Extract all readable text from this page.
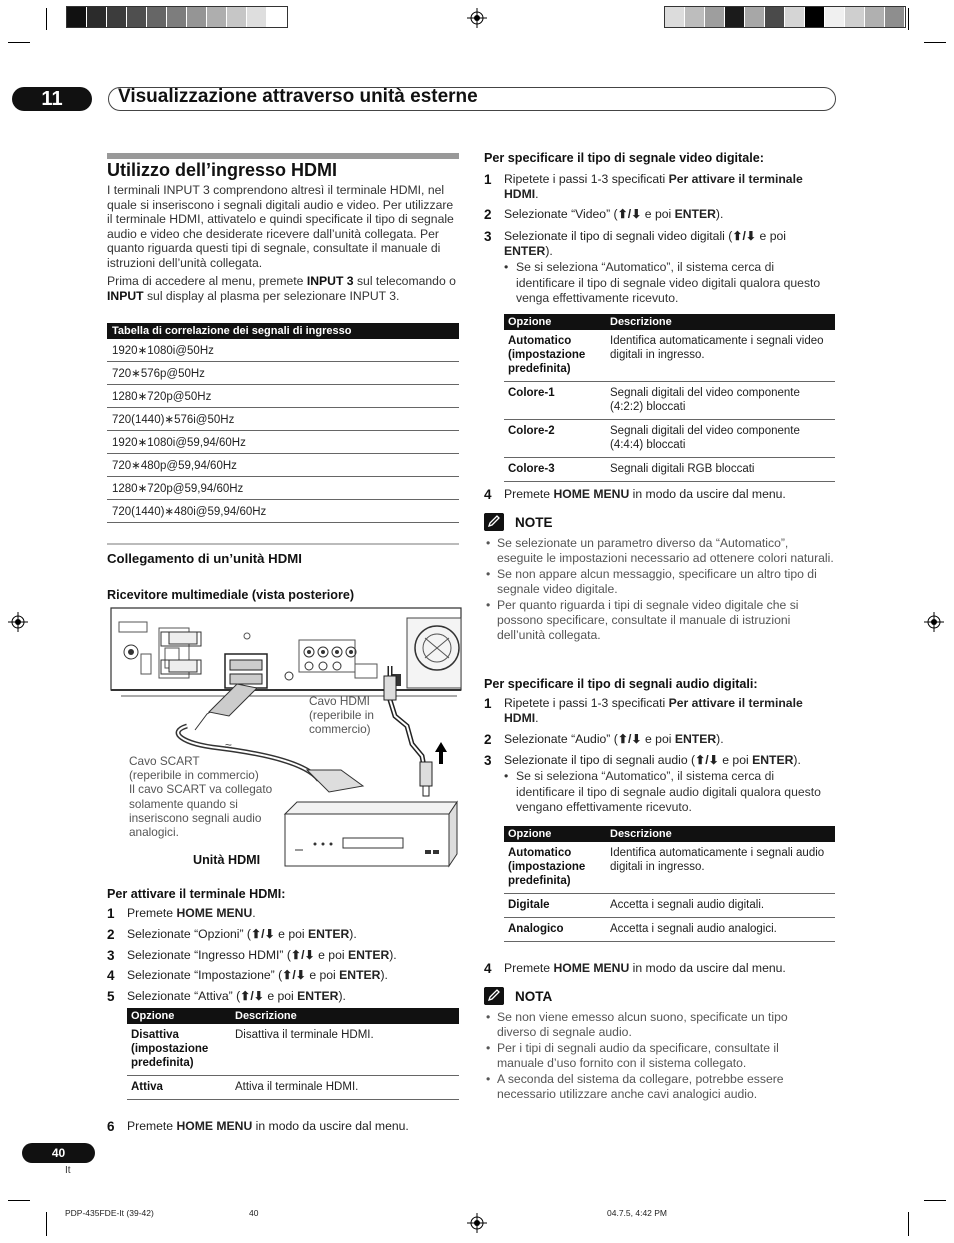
11	Visualizzazione attraverso unità esterne
Utilizzo dell’ingresso HDMI
I terminali INPUT 3 comprendono altresì il terminale HDMI, nel quale si inseriscono i segnali digitali audio e video. Per utilizzare il terminale HDMI, attivatelo e quindi specificate il tipo di segnale audio e video che desiderate ricevere dall’unità collegata. Per quanto riguarda questi tipi di segnale, consultate il manuale di istruzioni dell’unità collegata.
Prima di accedere al menu, premete INPUT 3 sul telecomando o INPUT sul display al plasma per selezionare INPUT 3.
Tabella di correlazione dei segnali di ingresso
1920∗1080i@50Hz
720∗576p@50Hz
1280∗720p@50Hz
720(1440)∗576i@50Hz
1920∗1080i@59,94/60Hz
720∗480p@59,94/60Hz
1280∗720p@59,94/60Hz
720(1440)∗480i@59,94/60Hz
Collegamento di un’unità HDMI
Ricevitore multimediale (vista posteriore)
≈
Cavo HDMI
(reperibile in
commercio)
Cavo SCART
(reperibile in commercio)
Il cavo SCART va collegato
solamente quando si
inseriscono segnali audio
analogici.
Unità HDMI
Per attivare il terminale HDMI:
1 Premete HOME MENU.
2 Selezionate “Opzioni” (⬆/⬇ e poi ENTER).
3 Selezionate “Ingresso HDMI” (⬆/⬇ e poi ENTER).
4 Selezionate “Impostazione” (⬆/⬇ e poi ENTER).
5 Selezionate “Attiva” (⬆/⬇ e poi ENTER).
Opzione	Descrizione
Disattiva (impostazione predefinita)	Disattiva il terminale HDMI.
Attiva	Attiva il terminale HDMI.
6 Premete HOME MENU in modo da uscire dal menu.
Per specificare il tipo di segnale video digitale:
1 Ripetete i passi 1-3 specificati Per attivare il terminale HDMI.
2 Selezionate “Video” (⬆/⬇ e poi ENTER).
3 Selezionate il tipo di segnali video digitali (⬆/⬇ e poi ENTER).
• Se si seleziona “Automatico”, il sistema cerca di identificare il tipo di segnale video digitali qualora questo venga effettivamente ricevuto.
Opzione	Descrizione
Automatico (impostazione predefinita)	Identifica automaticamente i segnali video digitali in ingresso.
Colore-1	Segnali digitali del video componente (4:2:2) bloccati
Colore-2	Segnali digitali del video componente (4:4:4) bloccati
Colore-3	Segnali digitali RGB bloccati
4 Premete HOME MENU in modo da uscire dal menu.
NOTE
• Se selezionate un parametro diverso da “Automatico”, eseguite le impostazioni necessario ad ottenere colori naturali.
• Se non appare alcun messaggio, specificare un altro tipo di segnale video digitale.
• Per quanto riguarda i tipi di segnale video digitale che si possono specificare, consultate il manuale di istruzioni dell’unità collegata.
Per specificare il tipo di segnali audio digitali:
1 Ripetete i passi 1-3 specificati Per attivare il terminale HDMI.
2 Selezionate “Audio” (⬆/⬇ e poi ENTER).
3 Selezionate il tipo di segnali audio (⬆/⬇ e poi ENTER).
• Se si seleziona “Automatico”, il sistema cerca di identificare il tipo di segnale audio digitali qualora questo vengano effettivamente ricevuto.
Opzione	Descrizione
Automatico (impostazione predefinita)	Identifica automaticamente i segnali audio digitali in ingresso.
Digitale	Accetta i segnali audio digitali.
Analogico	Accetta i segnali audio analogici.
4 Premete HOME MENU in modo da uscire dal menu.
NOTA
• Se non viene emesso alcun suono, specificate un tipo diverso di segnale audio.
• Per i tipi di segnali audio da specificare, consultate il manuale d’uso fornito con il sistema collegato.
• A seconda del sistema da collegare, potrebbe essere necessario utilizzare anche cavi analogici audio.
40
It
PDP-435FDE-It (39-42)	40	04.7.5, 4:42 PM
